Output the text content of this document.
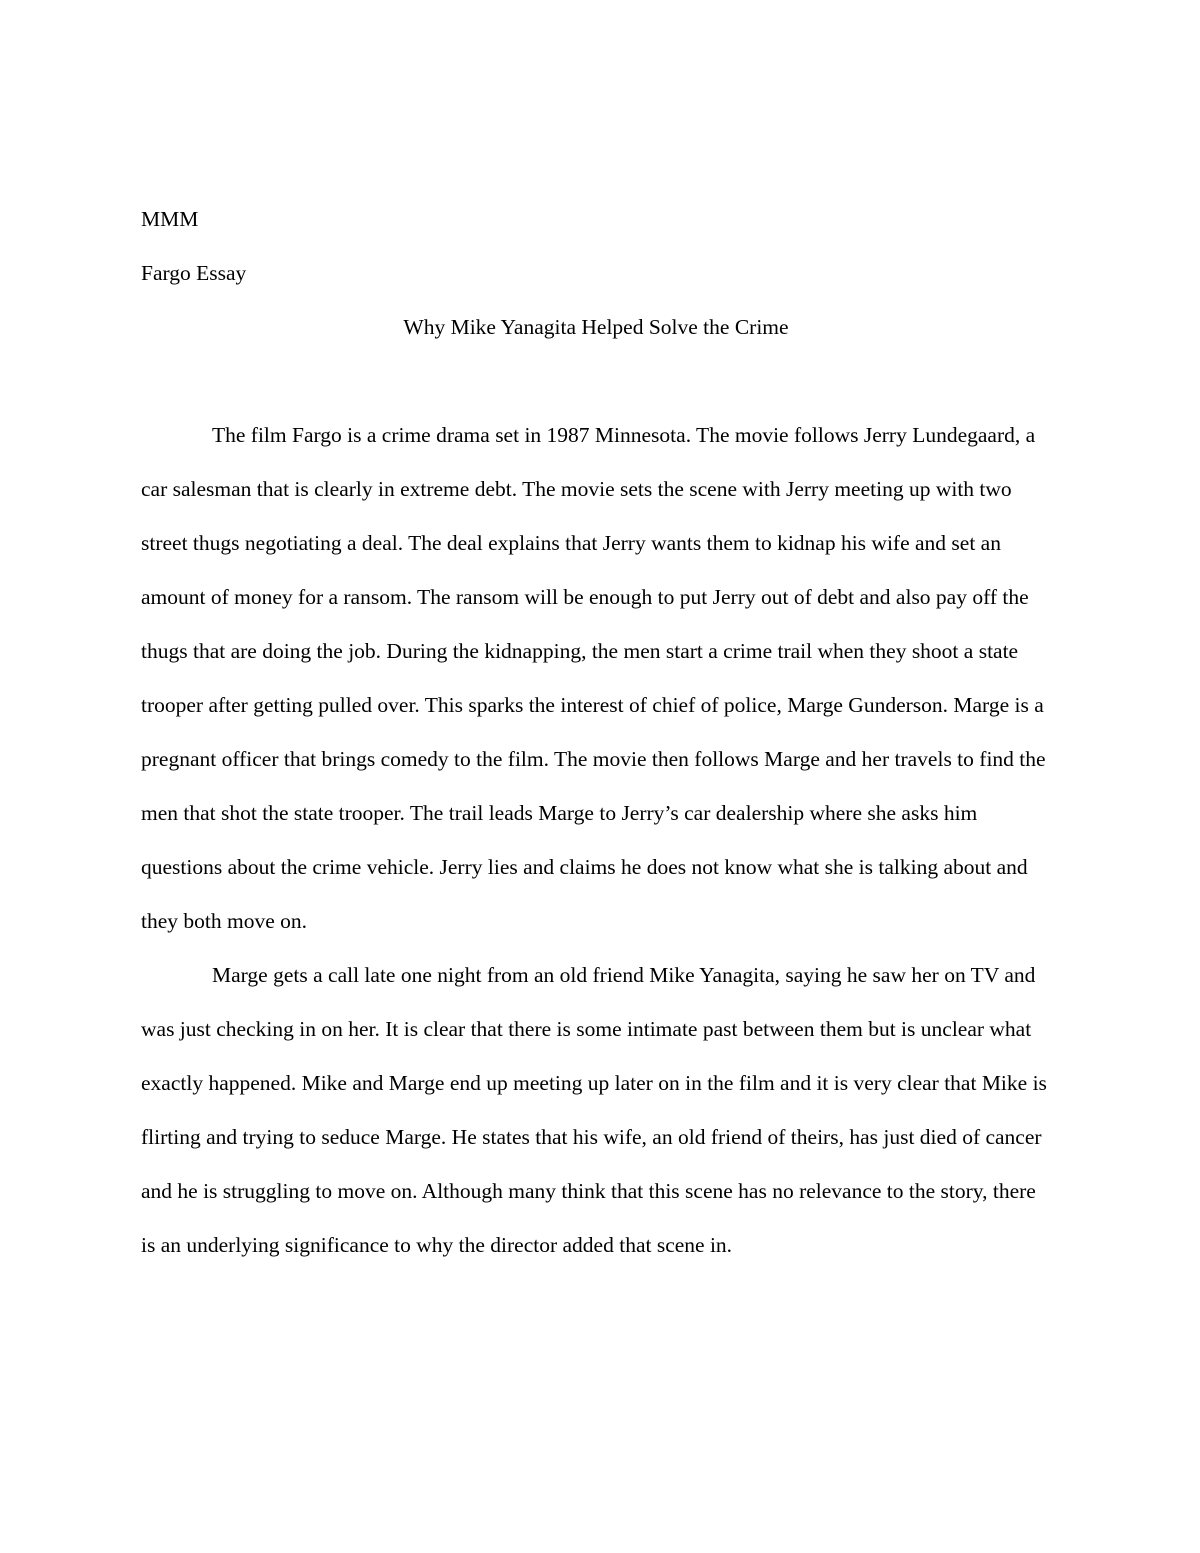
MMM

Fargo Essay

Why Mike Yanagita Helped Solve the Crime

The film Fargo is a crime drama set in 1987 Minnesota. The movie follows Jerry Lundegaard, a car salesman that is clearly in extreme debt. The movie sets the scene with Jerry meeting up with two street thugs negotiating a deal. The deal explains that Jerry wants them to kidnap his wife and set an amount of money for a ransom. The ransom will be enough to put Jerry out of debt and also pay off the thugs that are doing the job. During the kidnapping, the men start a crime trail when they shoot a state trooper after getting pulled over. This sparks the interest of chief of police, Marge Gunderson. Marge is a pregnant officer that brings comedy to the film. The movie then follows Marge and her travels to find the men that shot the state trooper. The trail leads Marge to Jerry’s car dealership where she asks him questions about the crime vehicle. Jerry lies and claims he does not know what she is talking about and they both move on.

Marge gets a call late one night from an old friend Mike Yanagita, saying he saw her on TV and was just checking in on her. It is clear that there is some intimate past between them but is unclear what exactly happened. Mike and Marge end up meeting up later on in the film and it is very clear that Mike is flirting and trying to seduce Marge. He states that his wife, an old friend of theirs, has just died of cancer and he is struggling to move on. Although many think that this scene has no relevance to the story, there is an underlying significance to why the director added that scene in.
